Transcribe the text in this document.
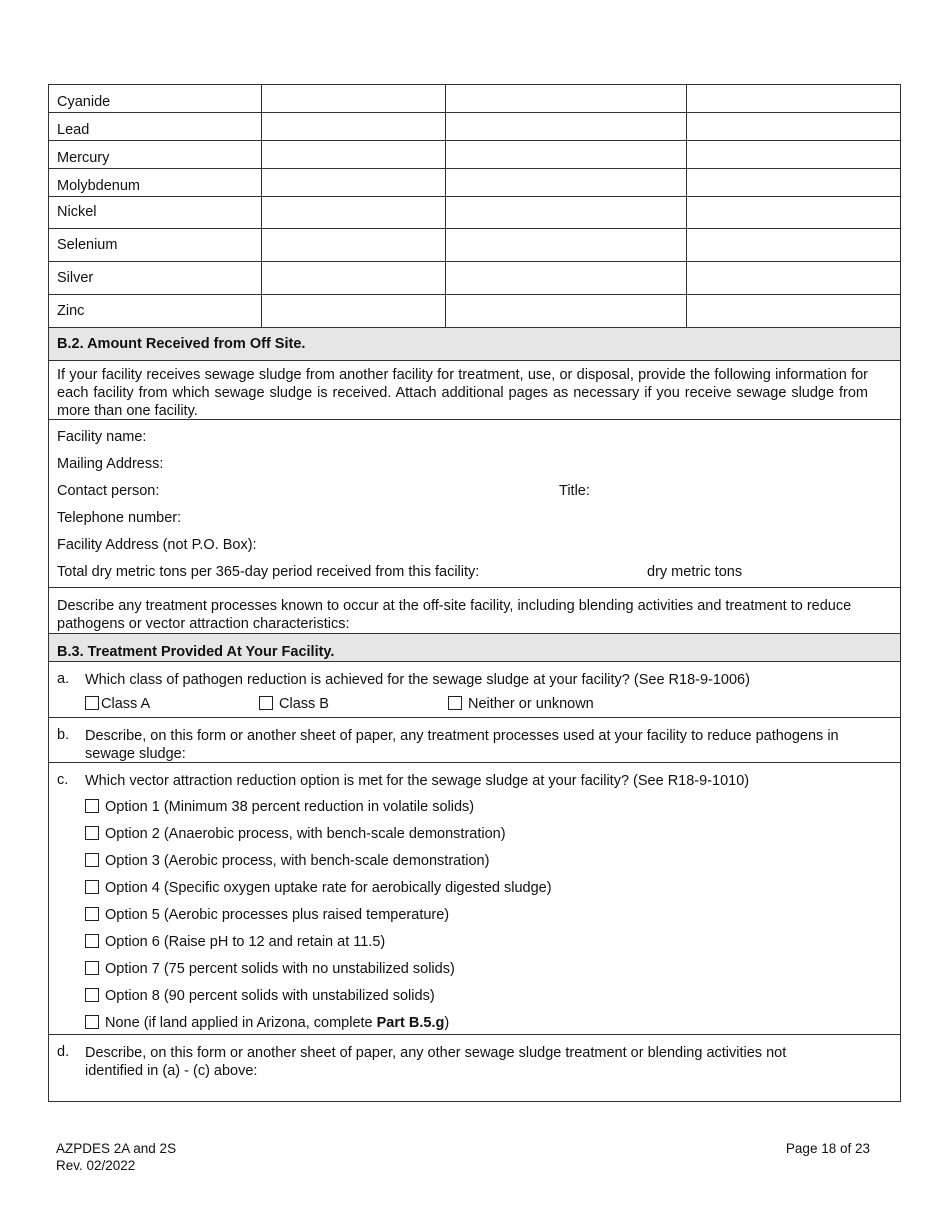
Cyanide
Lead
Mercury
Molybdenum
Nickel
Selenium
Silver
Zinc
B.2. Amount Received from Off Site.
If your facility receives sewage sludge from another facility for treatment, use, or disposal, provide the following information for each facility from which sewage sludge is received. Attach additional pages as necessary if you receive sewage sludge from more than one facility.
Facility name:
Mailing Address:
Contact person:	Title:
Telephone number:
Facility Address (not P.O. Box):
Total dry metric tons per 365-day period received from this facility:	dry metric tons
Describe any treatment processes known to occur at the off-site facility, including blending activities and treatment to reduce pathogens or vector attraction characteristics:
B.3. Treatment Provided At Your Facility.
a.	Which class of pathogen reduction is achieved for the sewage sludge at your facility? (See R18-9-1006)
Class A	Class B	Neither or unknown
b.	Describe, on this form or another sheet of paper, any treatment processes used at your facility to reduce pathogens in sewage sludge:
c.	Which vector attraction reduction option is met for the sewage sludge at your facility? (See R18-9-1010)
Option 1 (Minimum 38 percent reduction in volatile solids)
Option 2 (Anaerobic process, with bench-scale demonstration)
Option 3 (Aerobic process, with bench-scale demonstration)
Option 4 (Specific oxygen uptake rate for aerobically digested sludge)
Option 5 (Aerobic processes plus raised temperature)
Option 6 (Raise pH to 12 and retain at 11.5)
Option 7 (75 percent solids with no unstabilized solids)
Option 8 (90 percent solids with unstabilized solids)
None (if land applied in Arizona, complete Part B.5.g)
d.	Describe, on this form or another sheet of paper, any other sewage sludge treatment or blending activities not identified in (a) - (c) above:
AZPDES 2A and 2S
Rev. 02/2022
Page 18 of 23
